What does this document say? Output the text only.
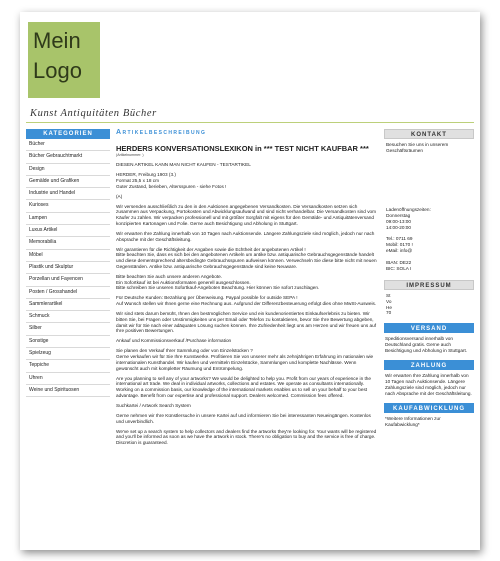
Mein
Logo
Kunst Antiquitäten Bücher
KATEGORIEN
Bücher
Bücher Gebrauchtmarkt
Design
Gemälde und Grafiken
Industrie und Handel
Kurioses
Lampen
Luxus Artikel
Memorabilia
Möbel
Plastik und Skulptur
Porzellan und Fayencen
Posten / Grosshandel
Sammlerartikel
Schmuck
Silber
Sonstige
Spielzeug
Teppiche
Uhren
Weine und Spirituosen
Artikelbeschreibung
HERDERS KONVERSATIONSLEXIKON in *** TEST NICHT KAUFBAR ***
(Artikelnummer: )
DIESEN ARTIKEL KANN MAN NICHT KAUFEN - TESTARTIKEL
HERDER, Freiburg 1903 (3.)
Format 25,5 x 18 cm
Guter Zustand, berieben, Altersspuren - siehe Fotos !
(A)
Wir versenden ausschließlich zu den in den Auktionen angegebenen Versandkosten. Die Versandkosten setzen sich zusammen aus Verpackung, Portokosten und Abwicklungsaufwand und sind nicht verhandelbar. Die Versandkosten sind vom Käufer zu zahlen. Wir verpacken professionell und mit größter Sorgfalt mit eigens für den Gemälde- und Antiquitätenversand konzipierten Kartonagen und Folie. Gerne auch Besichtigung und Abholung in Stuttgart.
Wir erwarten Ihre Zahlung innerhalb von 10 Tagen nach Auktionsende. Längere Zahlungsziele sind möglich, jedoch nur nach Absprache mit der Geschäftsleitung.
Wir garantieren für die Richtigkeit der Angaben sowie die Echtheit der angebotenen Artikel !
Bitte beachten Sie, dass es sich bei den angebotenen Artikeln um antike bzw. antiquarische Gebrauchsgegenstände handelt und diese dementsprechend altersbedingte Gebrauchsspuren aufweisen können. Verwechseln Sie diese bitte nicht mit neuen Gegenständen. Antike bzw. antiquarische Gebrauchsgegenstände sind keine Neuware.
Bitte beachten Sie auch unsere anderen Angebote.
Ein Sofortkauf ist bei Auktionsformaten generell ausgeschlossen.
Bitte schreiben Sie unseren Sofortkauf-Angeboten Beachtung. Hier können Sie sofort zuschlagen.
Für Deutsche Kunden: Bezahlung per Überweisung. Paypal possible for outside SEPA !
Auf Wunsch stellen wir Ihnen gerne eine Rechnung aus. Aufgrund der Differenzbesteuerung erfolgt dies ohne MwSt-Ausweis.
Wir sind stets darum bemüht, Ihnen den bestmöglichen Service und ein kundenorientiertes Einkaufserlebnis zu bieten. Wir bitten Sie, bei Fragen oder Unstimmigkeiten uns per Email oder Telefon zu kontaktieren, bevor Sie Ihre Bewertung abgeben, damit wir für Sie nach einer adäquaten Lösung suchen können. Ihre Zufriedenheit liegt uns am Herzen und wir freuen uns auf Ihre positiven Bewertungen.
Ankauf und Kommissionsverkauf /Purchase information
Sie planen den Verkauf Ihrer Sammlung oder von Einzelstücken ?
Gerne verkaufen wir für Sie Ihre Kunstwerke. Profitieren Sie von unserer mehr als zehnjährigen Erfahrung im nationalen wie internationalen Kunsthandel. Wir kaufen und vermitteln Einzelstücke, Sammlungen und komplette Nachlässe. Wenn gewünscht auch mit kompletter Räumung und Entrümpelung.
Are you planning to sell any of your artworks? We would be delighted to help you. Profit from our years of experience in the international art trade. We deal in individual artworks, collections and estates. We operate as consultants internationally. Working on a commission basis, our knowledge of the international markets enables us to sell on your behalf to your best advantage. Benefit from our expertise and professional support. Dealers welcomed. Commission fees offered.
Suchkartei / Artwork Search System
Gerne nehmen wir Ihre Künstlersuche in unsere Kartei auf und informieren Sie bei interessanten Neueingängen. Kostenlos und unverbindlich.
We've set up a search system to help collectors and dealers find the artworks they're looking for. Your wants will be registered and you'll be informed as soon as we have the artwork in stock. There's no obligation to buy and the service is free of charge. Discretion is guaranteed.
KONTAKT
Besuchen Sie uns in unserem
Geschäftsräumen
Ladenöffnungszeiten:
Donnerstag
09:00-13:00
14:00-20:00
Tel.: 0711 69
Mobil: 0170 !
eMail: info@
IBAN: DE22
BIC: SOLA I
IMPRESSUM
St
Vo
He
70
VERSAND
Speditionsversand innerhalb von Deutschland gratis. Gerne auch Besichtigung und Abholung in Stuttgart.
ZAHLUNG
Wir erwarten Ihre Zahlung innerhalb von 10 Tagen nach Auktionsende. Längere Zahlungsziele sind möglich, jedoch nur nach Absprache mit der Geschäftsleitung.
KAUFABWICKLUNG
*Weitere Informationen zur Kaufabwicklung*
